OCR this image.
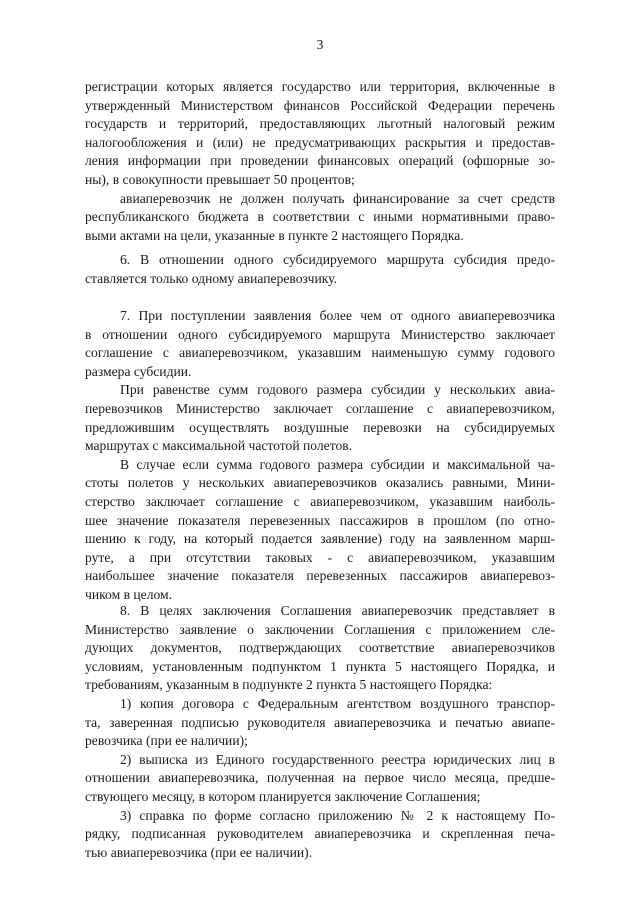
3
регистрации которых является государство или территория, включенные в
утвержденный Министерством финансов Российской Федерации перечень
государств и территорий, предоставляющих льготный налоговый режим
налогообложения и (или) не предусматривающих раскрытия и предостав-
ления информации при проведении финансовых операций (офшорные зо-
ны), в совокупности превышает 50 процентов;
авиаперевозчик не должен получать финансирование за счет средств
республиканского бюджета в соответствии с иными нормативными право-
выми актами на цели, указанные в пункте 2 настоящего Порядка.
6. В отношении одного субсидируемого маршрута субсидия предо-
ставляется только одному авиаперевозчику.
7. При поступлении заявления более чем от одного авиаперевозчика
в отношении одного субсидируемого маршрута Министерство заключает
соглашение с авиаперевозчиком, указавшим наименьшую сумму годового
размера субсидии.
При равенстве сумм годового размера субсидии у нескольких авиа-
перевозчиков Министерство заключает соглашение с авиаперевозчиком,
предложившим осуществлять воздушные перевозки на субсидируемых
маршрутах с максимальной частотой полетов.
В случае если сумма годового размера субсидии и максимальной ча-
стоты полетов у нескольких авиаперевозчиков оказались равными, Мини-
стерство заключает соглашение с авиаперевозчиком, указавшим наиболь-
шее значение показателя перевезенных пассажиров в прошлом (по отно-
шению к году, на который подается заявление) году на заявленном марш-
руте, а при отсутствии таковых - с авиаперевозчиком, указавшим
наибольшее значение показателя перевезенных пассажиров авиаперевоз-
чиком в целом.
8. В целях заключения Соглашения авиаперевозчик представляет в
Министерство заявление о заключении Соглашения с приложением сле-
дующих документов, подтверждающих соответствие авиаперевозчиков
условиям, установленным подпунктом 1 пункта 5 настоящего Порядка, и
требованиям, указанным в подпункте 2 пункта 5 настоящего Порядка:
1) копия договора с Федеральным агентством воздушного транспор-
та, заверенная подписью руководителя авиаперевозчика и печатью авиапе-
ревозчика (при ее наличии);
2) выписка из Единого государственного реестра юридических лиц в
отношении авиаперевозчика, полученная на первое число месяца, предше-
ствующего месяцу, в котором планируется заключение Соглашения;
3) справка по форме согласно приложению № 2 к настоящему По-
рядку, подписанная руководителем авиаперевозчика и скрепленная печа-
тью авиаперевозчика (при ее наличии).
